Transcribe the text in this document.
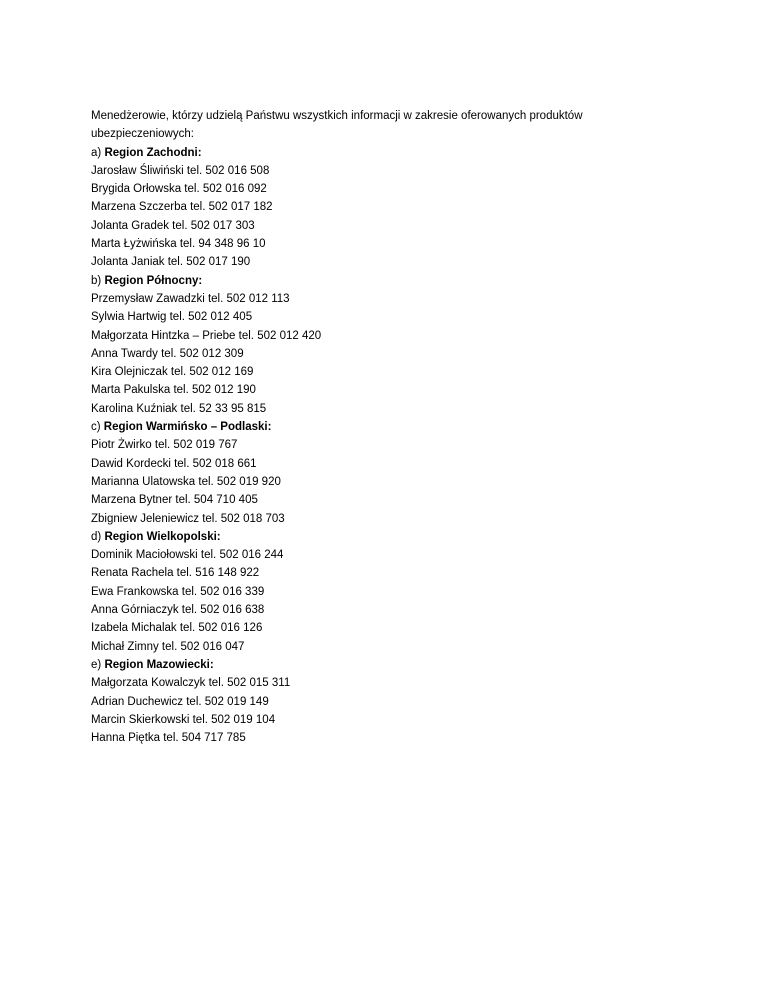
Menedżerowie, którzy udzielą Państwu wszystkich informacji w zakresie oferowanych produktów ubezpieczeniowych:

a) Region Zachodni:

Jarosław Śliwiński tel. 502 016 508

Brygida Orłowska tel. 502 016 092

Marzena Szczerba tel. 502 017 182

Jolanta Gradek tel. 502 017 303

Marta Łyżwińska tel. 94 348 96 10

Jolanta Janiak tel. 502 017 190

b) Region Północny:

Przemysław Zawadzki tel. 502 012 113

Sylwia Hartwig tel. 502 012 405

Małgorzata Hintzka – Priebe tel. 502 012 420

Anna Twardy tel. 502 012 309

Kira Olejniczak tel. 502 012 169

Marta Pakulska tel. 502 012 190

Karolina Kuźniak tel. 52 33 95 815

c) Region Warmińsko – Podlaski:

Piotr Żwirko tel. 502 019 767

Dawid Kordecki tel. 502 018 661

Marianna Ulatowska tel. 502 019 920

Marzena Bytner tel. 504 710 405

Zbigniew Jeleniewicz tel. 502 018 703

d) Region Wielkopolski:

Dominik Maciołowski tel. 502 016 244

Renata Rachela tel. 516 148 922

Ewa Frankowska tel. 502 016 339

Anna Górniaczyk tel. 502 016 638

Izabela Michalak tel. 502 016 126

Michał Zimny tel. 502 016 047

e) Region Mazowiecki:

Małgorzata Kowalczyk tel. 502 015 311

Adrian Duchewicz tel. 502 019 149

Marcin Skierkowski tel. 502 019 104

Hanna Piętka tel. 504 717 785
